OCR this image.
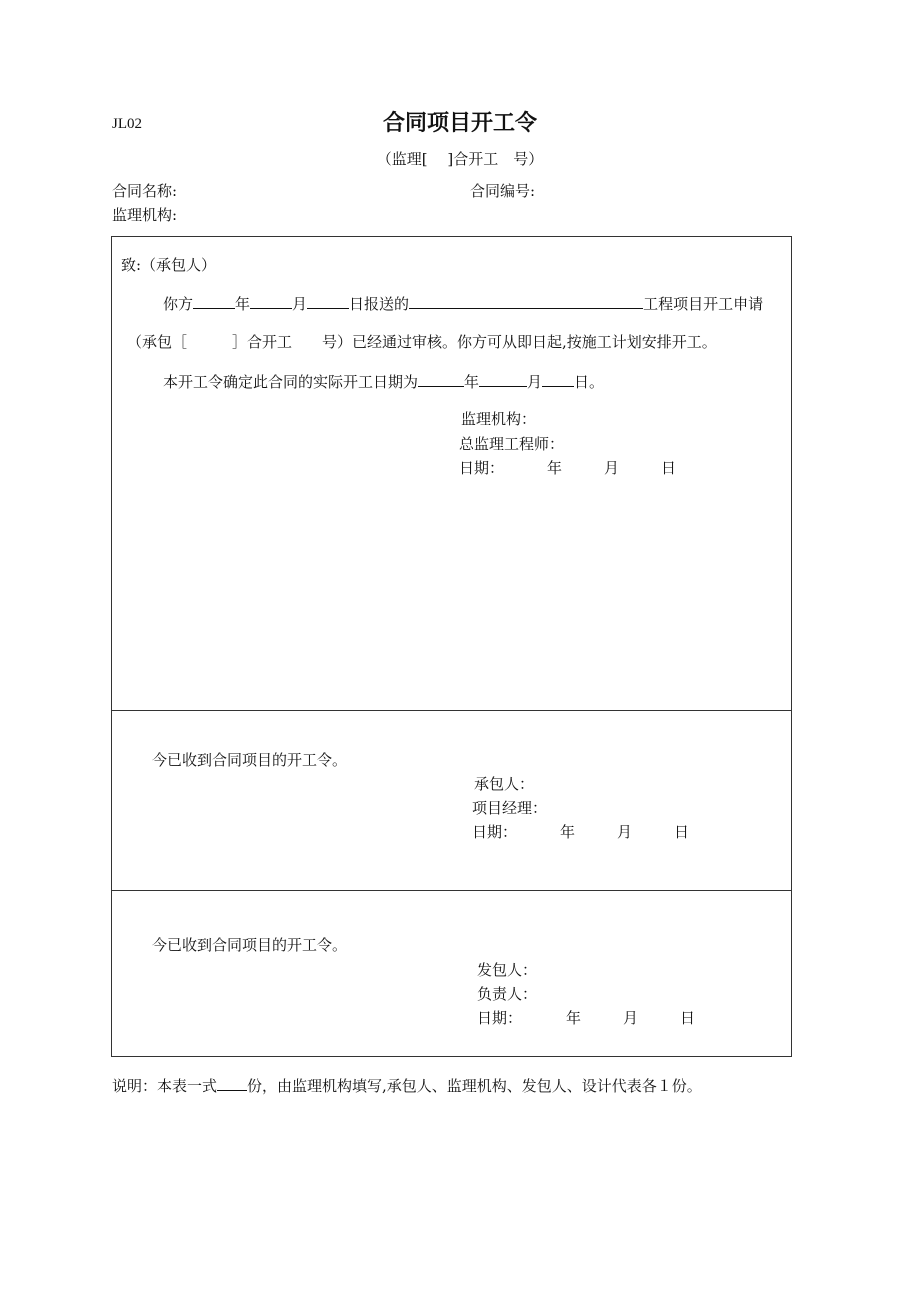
JL02	合同项目开工令
（监理[　 ]合开工　号）
合同名称:	合同编号:
监理机构:
致:（承包人）
你方	年	月	日报送的	工程项目开工申请
（承包［　　　］合开工　　号）已经通过审核。你方可从即日起,按施工计划安排开工。
本开工令确定此合同的实际开工日期为	年	月 日。
监理机构：
总监理工程师：
日期：	年	月	日
今已收到合同项目的开工令。
承包人：
项目经理：
日期：	年	月	日
今已收到合同项目的开工令。
发包人：
负责人：
日期：	年	月	日
说明：本表一式 份，由监理机构填写,承包人、监理机构、发包人、设计代表各１份。
